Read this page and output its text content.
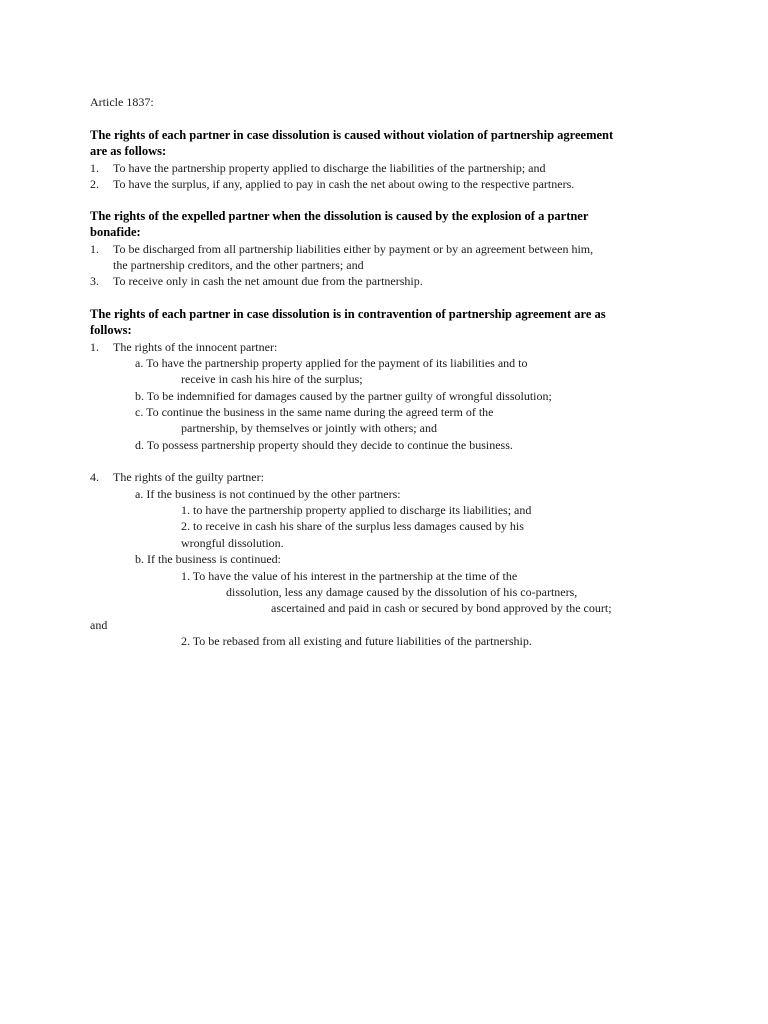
Article 1837:
The rights of each partner in case dissolution is caused without violation of partnership agreement
are as follows:
1. To have the partnership property applied to discharge the liabilities of the partnership; and
2. To have the surplus, if any, applied to pay in cash the net about owing to the respective partners.
The rights of the expelled partner when the dissolution is caused by the explosion of a partner
bonafide:
1. To be discharged from all partnership liabilities either by payment or by an agreement between him,
the partnership creditors, and the other partners; and
3. To receive only in cash the net amount due from the partnership.
The rights of each partner in case dissolution is in contravention of partnership agreement are as
follows:
1. The rights of the innocent partner:
a. To have the partnership property applied for the payment of its liabilities and to
receive in cash his hire of the surplus;
b. To be indemnified for damages caused by the partner guilty of wrongful dissolution;
c. To continue the business in the same name during the agreed term of the
partnership, by themselves or jointly with others; and
d. To possess partnership property should they decide to continue the business.
4. The rights of the guilty partner:
a. If the business is not continued by the other partners:
1. to have the partnership property applied to discharge its liabilities; and
2. to receive in cash his share of the surplus less damages caused by his
wrongful dissolution.
b. If the business is continued:
1. To have the value of his interest in the partnership at the time of the
dissolution, less any damage caused by the dissolution of his co-partners,
ascertained and paid in cash or secured by bond approved by the court;
and
2. To be rebased from all existing and future liabilities of the partnership.
